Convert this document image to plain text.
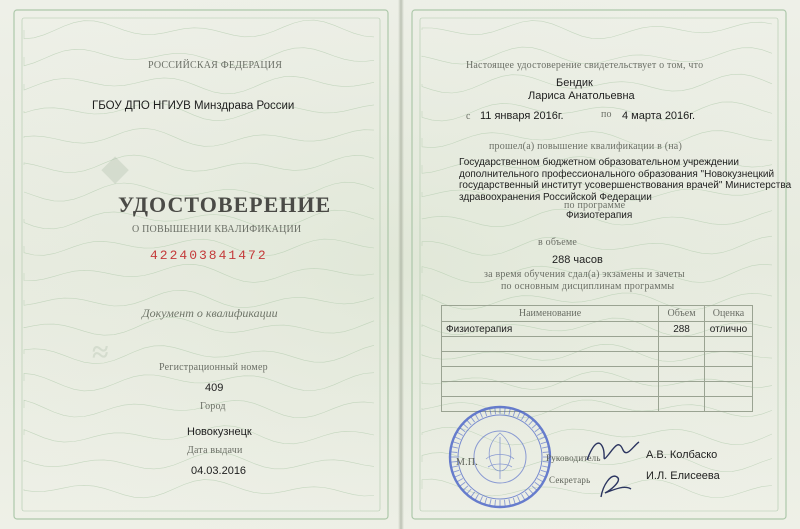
РОССИЙСКАЯ ФЕДЕРАЦИЯ
ГБОУ ДПО НГИУВ Минздрава России
◆
УДОСТОВЕРЕНИЕ
О ПОВЫШЕНИИ КВАЛИФИКАЦИИ
422403841472
Документ о квалификации
≈	Регистрационный номер
409
Город
Новокузнецк
Дата выдачи
04.03.2016
Настоящее удостоверение свидетельствует о том, что
Бендик
Лариса Анатольевна
с 11 января 2016г.	по 4 марта 2016г.
прошел(а) повышение квалификации в (на)
Государственном бюджетном образовательном учреждении
дополнительного профессионального образования "Новокузнецкий
государственный институт усовершенствования врачей" Министерства
здравоохранения Российской Федерации
по программе
Физиотерапия
в объеме
288 часов
за время обучения сдал(а) экзамены и зачеты
по основным дисциплинам программы
Наименование	Объем	Оценка
Физиотерапия	288	отлично

М.П.	Руководитель
Секретарь
А.В. Колбаско
И.Л. Елисеева
